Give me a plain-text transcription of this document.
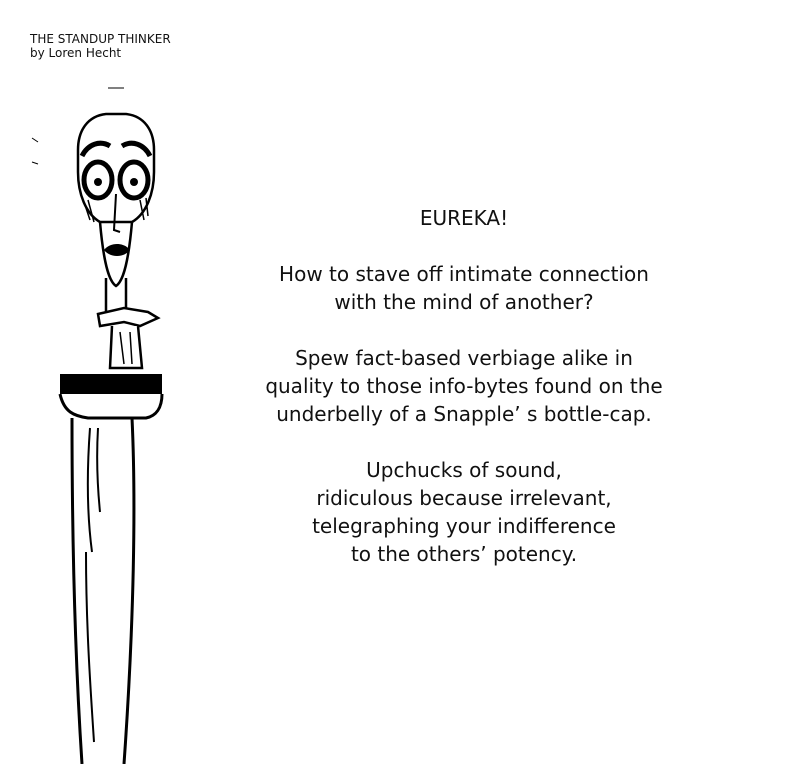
THE STANDUP THINKER
by Loren Hecht
EUREKA!
How to stave off intimate connection
with the mind of another?
Spew fact-based verbiage alike in
quality to those info-bytes found on the
underbelly of a Snapple’ s bottle-cap.
Upchucks of sound,
ridiculous because irrelevant,
telegraphing your indifference
to the others’ potency.
